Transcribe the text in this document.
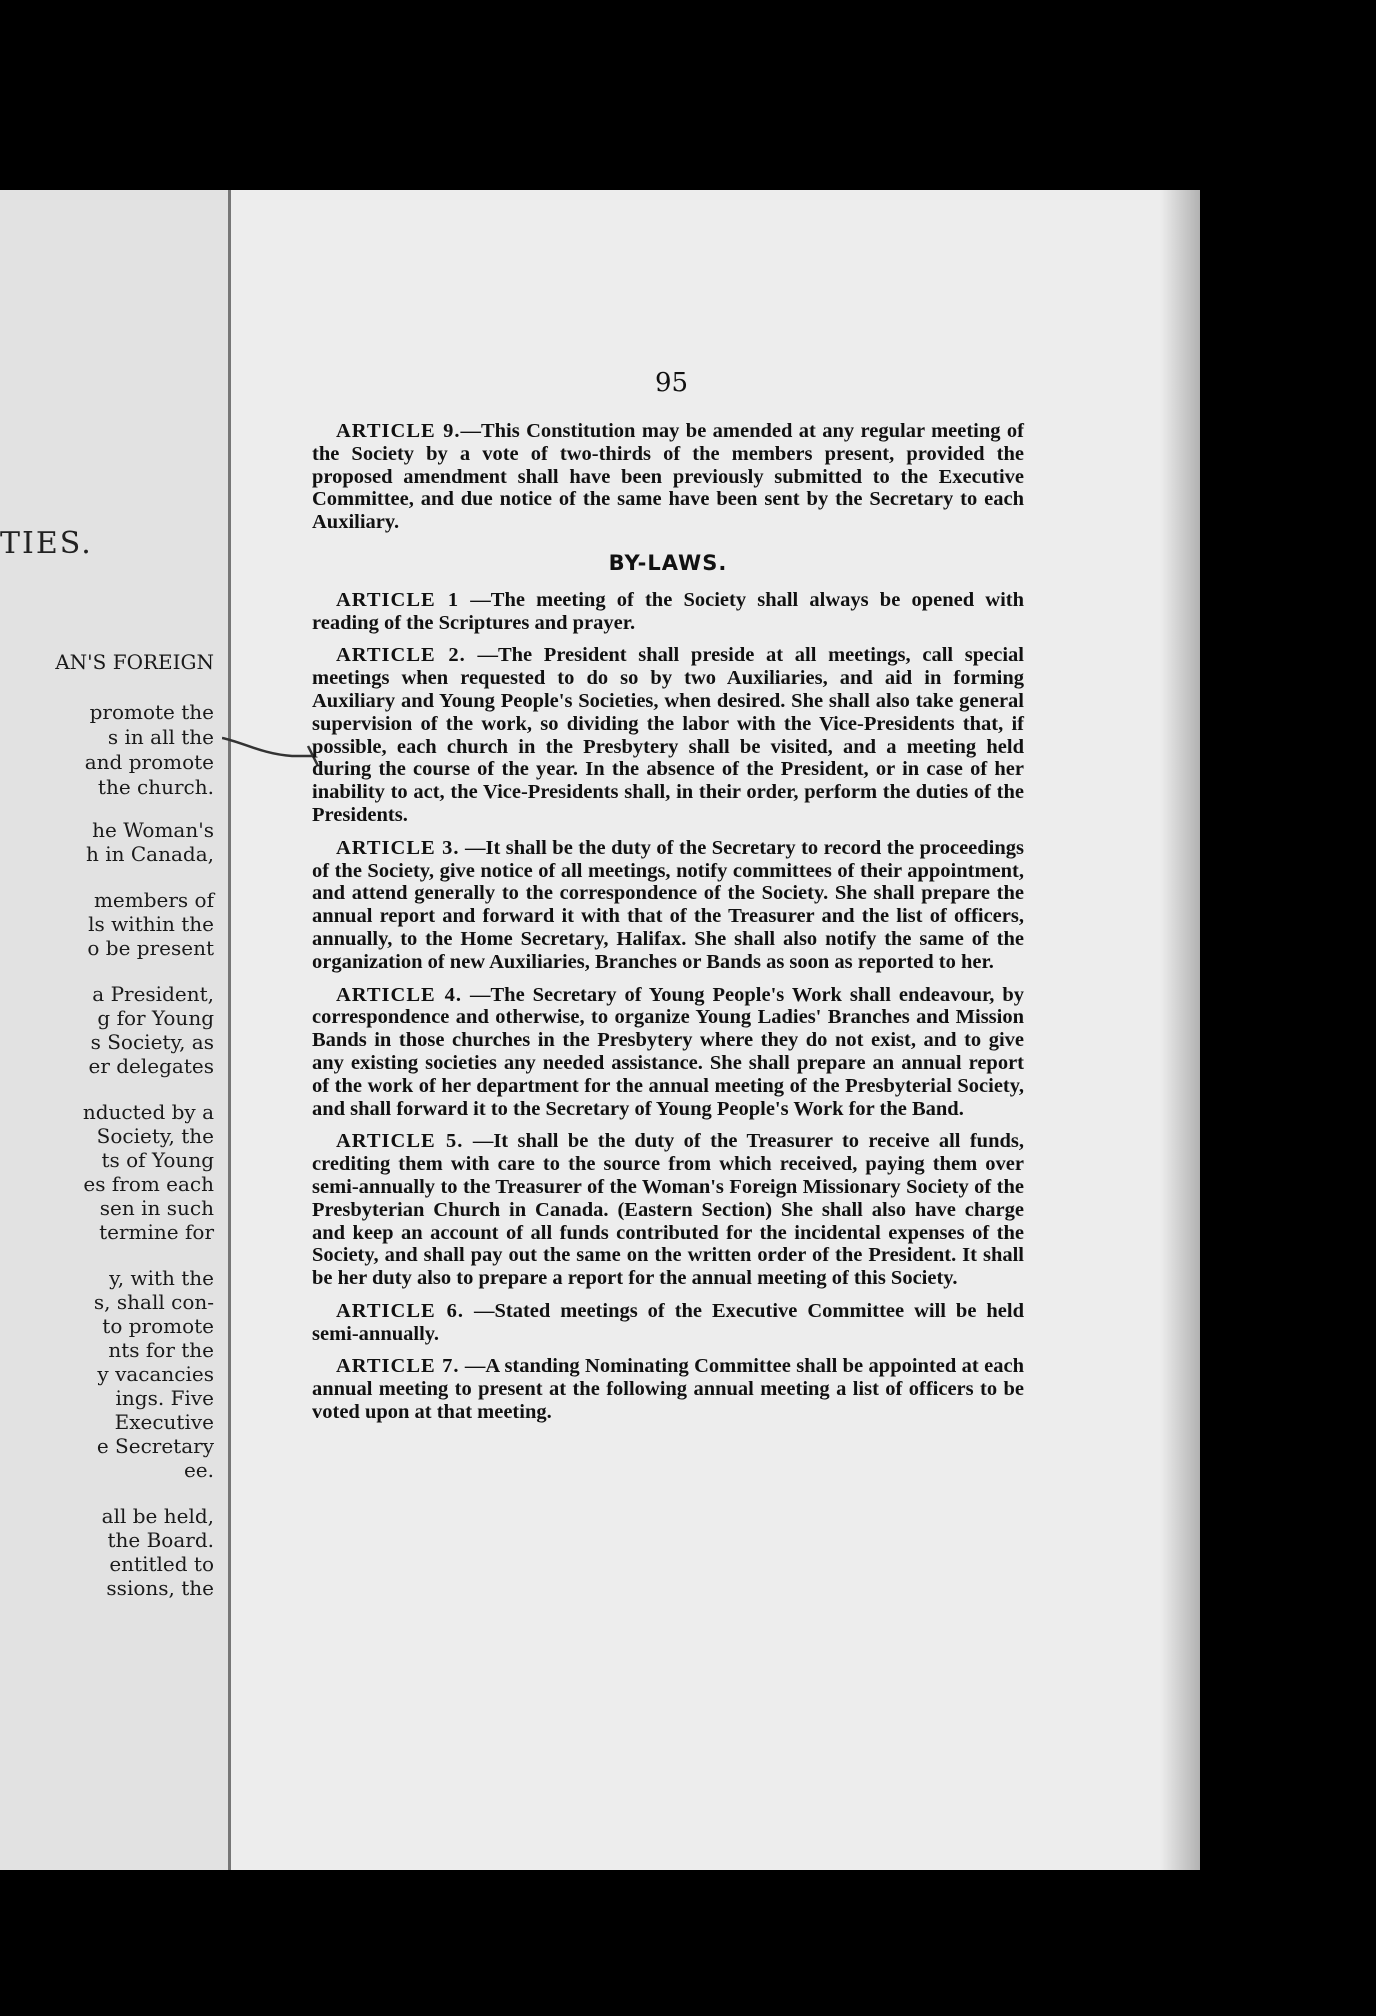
TIES.
AN'S FOREIGN
promote the
s in all the
and promote
the church.
he Woman's
h in Canada,
members of
ls within the
o be present
a President,
g for Young
s Society, as
er delegates
nducted by a
Society, the
ts of Young
es from each
sen in such
termine for
y, with the
s, shall con-
to promote
nts for the
y vacancies
ings. Five
Executive
e Secretary
ee.
all be held,
the Board.
entitled to
ssions, the
95

ARTICLE 9.—This Constitution may be amended at any regular meeting of the Society by a vote of two-thirds of the members present, provided the proposed amendment shall have been previously submitted to the Executive Committee, and due notice of the same have been sent by the Secretary to each Auxiliary.

BY-LAWS.

ARTICLE 1 —The meeting of the Society shall always be opened with reading of the Scriptures and prayer.

ARTICLE 2. —The President shall preside at all meetings, call special meetings when requested to do so by two Auxiliaries, and aid in forming Auxiliary and Young People's Societies, when desired. She shall also take general supervision of the work, so dividing the labor with the Vice-Presidents that, if possible, each church in the Presbytery shall be visited, and a meeting held during the course of the year. In the absence of the President, or in case of her inability to act, the Vice-Presidents shall, in their order, perform the duties of the Presidents.

ARTICLE 3. —It shall be the duty of the Secretary to record the proceedings of the Society, give notice of all meetings, notify committees of their appointment, and attend generally to the correspondence of the Society. She shall prepare the annual report and forward it with that of the Treasurer and the list of officers, annually, to the Home Secretary, Halifax. She shall also notify the same of the organization of new Auxiliaries, Branches or Bands as soon as reported to her.

ARTICLE 4. —The Secretary of Young People's Work shall endeavour, by correspondence and otherwise, to organize Young Ladies' Branches and Mission Bands in those churches in the Presbytery where they do not exist, and to give any existing societies any needed assistance. She shall prepare an annual report of the work of her department for the annual meeting of the Presbyterial Society, and shall forward it to the Secretary of Young People's Work for the Band.

ARTICLE 5. —It shall be the duty of the Treasurer to receive all funds, crediting them with care to the source from which received, paying them over semi-annually to the Treasurer of the Woman's Foreign Missionary Society of the Presbyterian Church in Canada. (Eastern Section) She shall also have charge and keep an account of all funds contributed for the incidental expenses of the Society, and shall pay out the same on the written order of the President. It shall be her duty also to prepare a report for the annual meeting of this Society.

ARTICLE 6. —Stated meetings of the Executive Committee will be held semi-annually.

ARTICLE 7. —A standing Nominating Committee shall be appointed at each annual meeting to present at the following annual meeting a list of officers to be voted upon at that meeting.
